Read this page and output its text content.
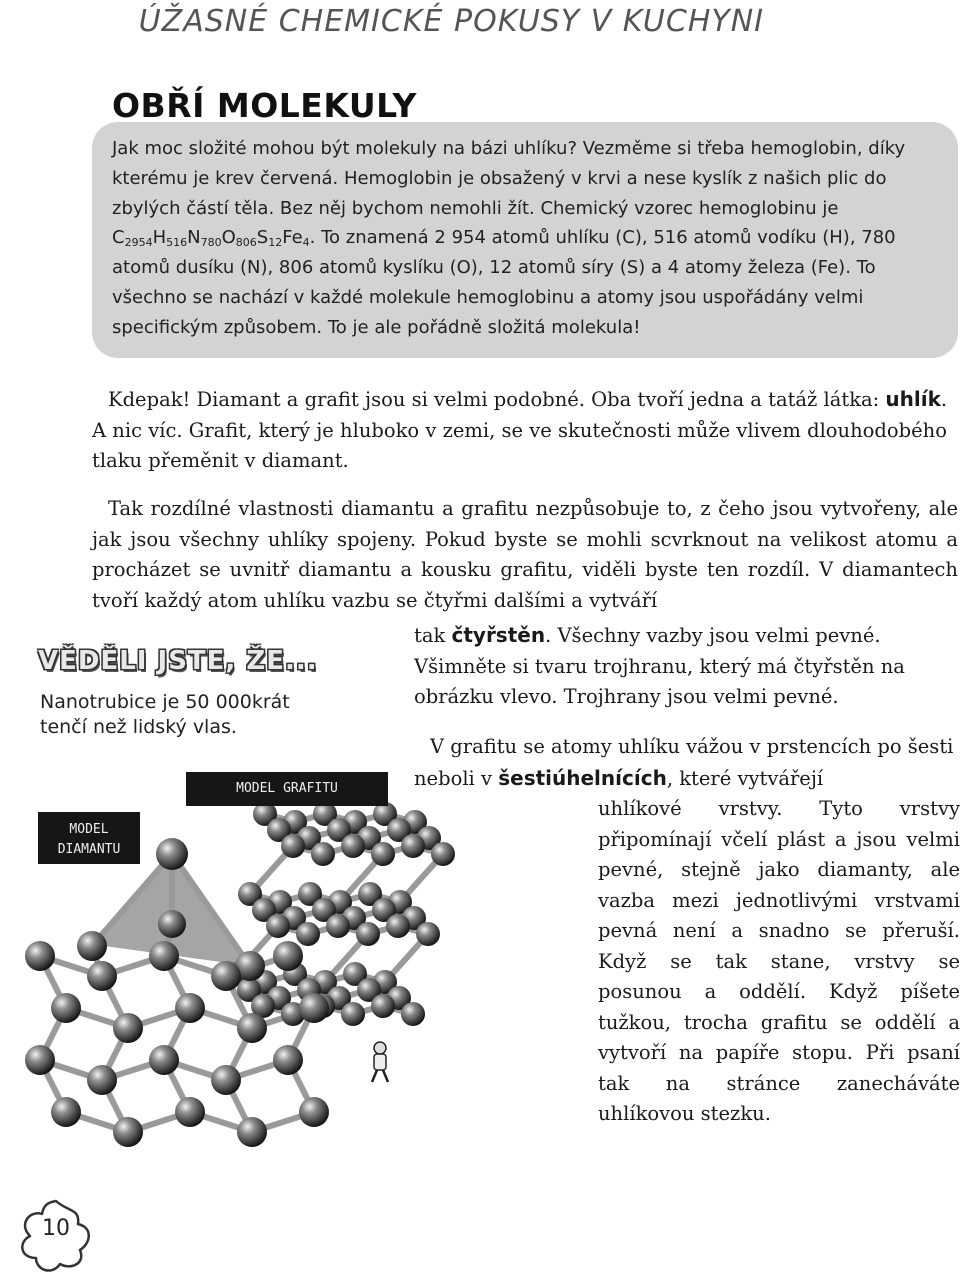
ÚŽASNÉ CHEMICKÉ POKUSY V KUCHYNI
OBŘÍ MOLEKULY

Jak moc složité mohou být molekuly na bázi uhlíku? Vezměme si třeba hemoglobin, díky kterému je krev červená. Hemoglobin je obsažený v krvi a nese kyslík z našich plic do zbylých částí těla. Bez něj bychom nemohli žít. Chemický vzorec hemoglobinu je $C_{2954}H_{516}N_{780}O_{806}S_{12}Fe_4$. To znamená 2 954 atomů uhlíku (C), 516 atomů vodíku (H), 780 atomů dusíku (N), 806 atomů kyslíku (O), 12 atomů síry (S) a 4 atomy železa (Fe). To všechno se nachází v každé molekule hemoglobinu a atomy jsou uspořádány velmi specifickým způsobem. To je ale pořádně složitá molekula!

Kdepak! Diamant a grafit jsou si velmi podobné. Oba tvoří jedna a tatáž látka: uhlík. A nic víc. Grafit, který je hluboko v zemi, se ve skutečnosti může vlivem dlouhodobého tlaku přeměnit v diamant.

Tak rozdílné vlastnosti diamantu a grafitu nezpůsobuje to, z čeho jsou vytvořeny, ale jak jsou všechny uhlíky spojeny. Pokud byste se mohli scvrknout na velikost atomu a procházet se uvnitř diamantu a kousku grafitu, viděli byste ten rozdíl. V diamantech tvoří každý atom uhlíku vazbu se čtyřmi dalšími a vytváří

tak čtyřstěn. Všechny vazby jsou velmi pevné. Všimněte si tvaru trojhranu, který má čtyřstěn na obrázku vlevo. Trojhrany jsou velmi pevné.

V grafitu se atomy uhlíku vážou v prstencích po šesti neboli v šestiúhelnících, které vytvářejí

uhlíkové vrstvy. Tyto vrstvy připomínají včelí plást a jsou velmi pevné, stejně jako diamanty, ale vazba mezi jednotlivými vrstvami pevná není a snadno se přeruší. Když se tak stane, vrstvy se posunou a oddělí. Když píšete tužkou, trocha grafitu se oddělí a vytvoří na papíře stopu. Při psaní tak na stránce zanecháváte uhlíkovou stezku.

VĚDĚLI JSTE, ŽE...

Nanotrubice je 50 000krát tenčí než lidský vlas.

MODEL GRAFITU
MODEL
DIAMANTU
10
